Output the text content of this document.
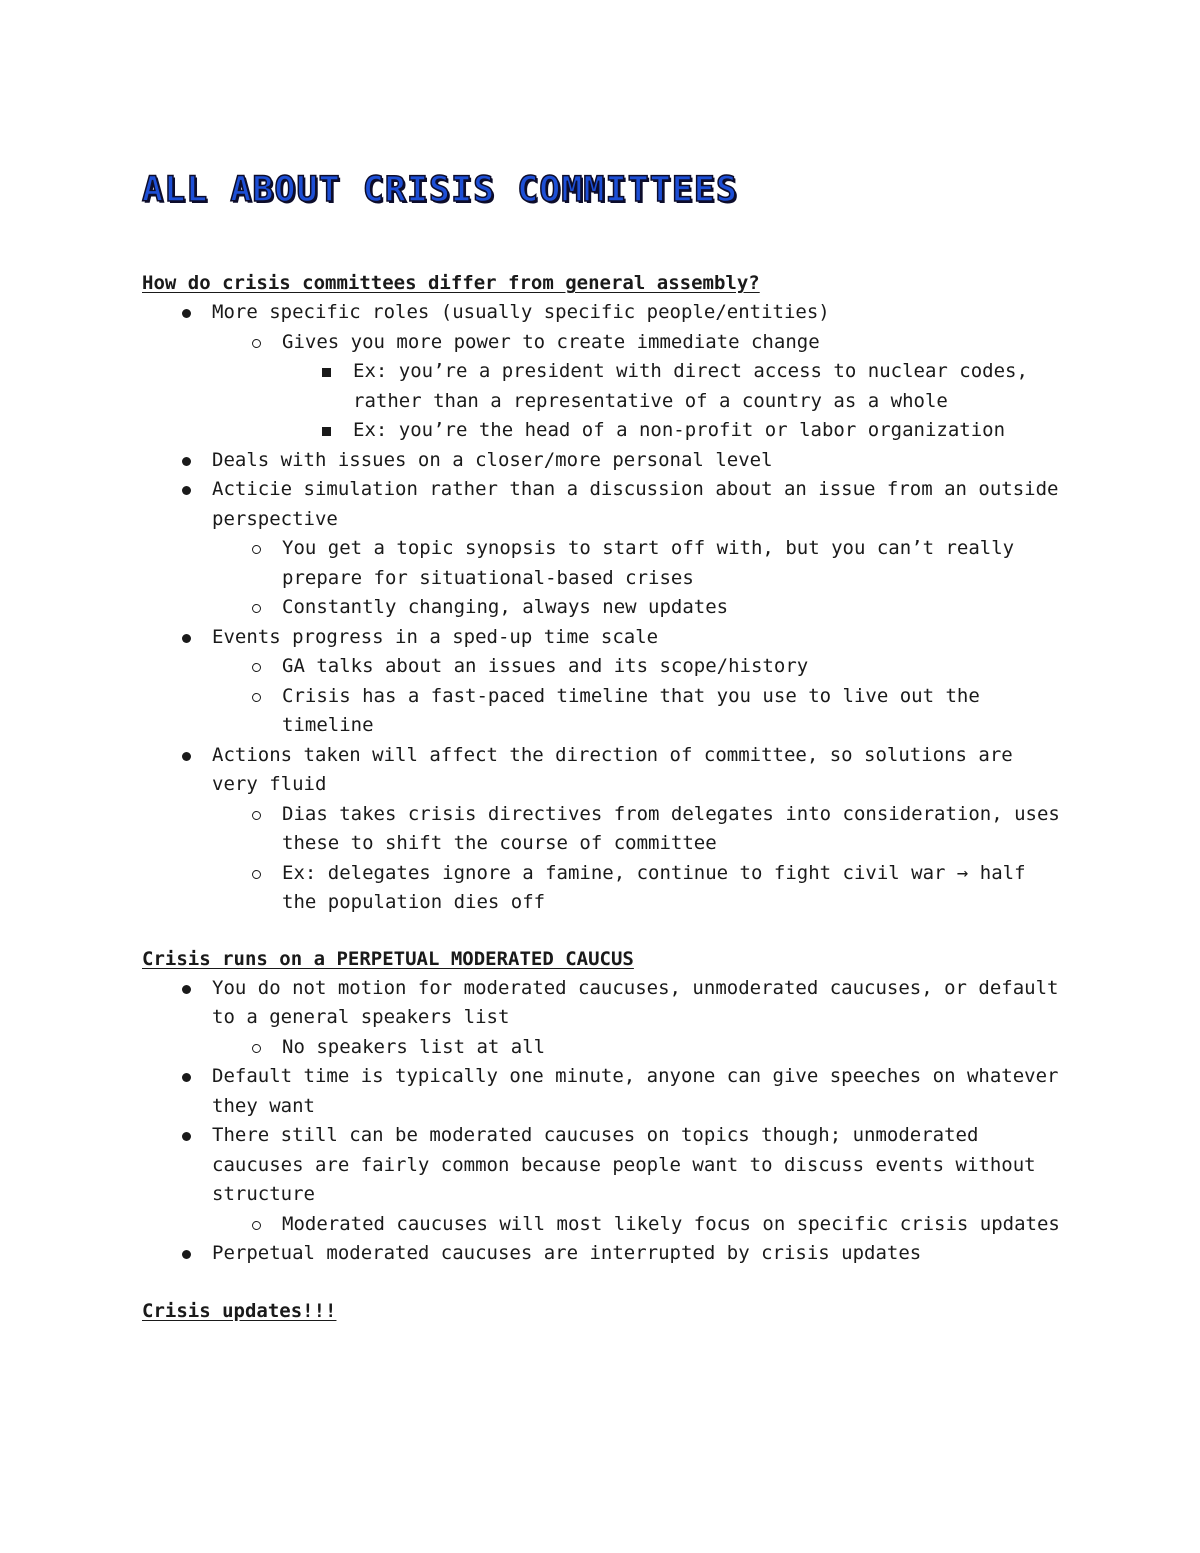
ALL ABOUT CRISIS COMMITTEES
How do crisis committees differ from general assembly?
More specific roles (usually specific people/entities)
Gives you more power to create immediate change
Ex: you’re a president with direct access to nuclear codes, rather than a representative of a country as a whole
Ex: you’re the head of a non-profit or labor organization
Deals with issues on a closer/more personal level
Acticie simulation rather than a discussion about an issue from an outside perspective
You get a topic synopsis to start off with, but you can’t really prepare for situational-based crises
Constantly changing, always new updates
Events progress in a sped-up time scale
GA talks about an issues and its scope/history
Crisis has a fast-paced timeline that you use to live out the timeline
Actions taken will affect the direction of committee, so solutions are very fluid
Dias takes crisis directives from delegates into consideration, uses these to shift the course of committee
Ex: delegates ignore a famine, continue to fight civil war → half the population dies off
Crisis runs on a PERPETUAL MODERATED CAUCUS
You do not motion for moderated caucuses, unmoderated caucuses, or default to a general speakers list
No speakers list at all
Default time is typically one minute, anyone can give speeches on whatever they want
There still can be moderated caucuses on topics though; unmoderated caucuses are fairly common because people want to discuss events without structure
Moderated caucuses will most likely focus on specific crisis updates
Perpetual moderated caucuses are interrupted by crisis updates
Crisis updates!!!
